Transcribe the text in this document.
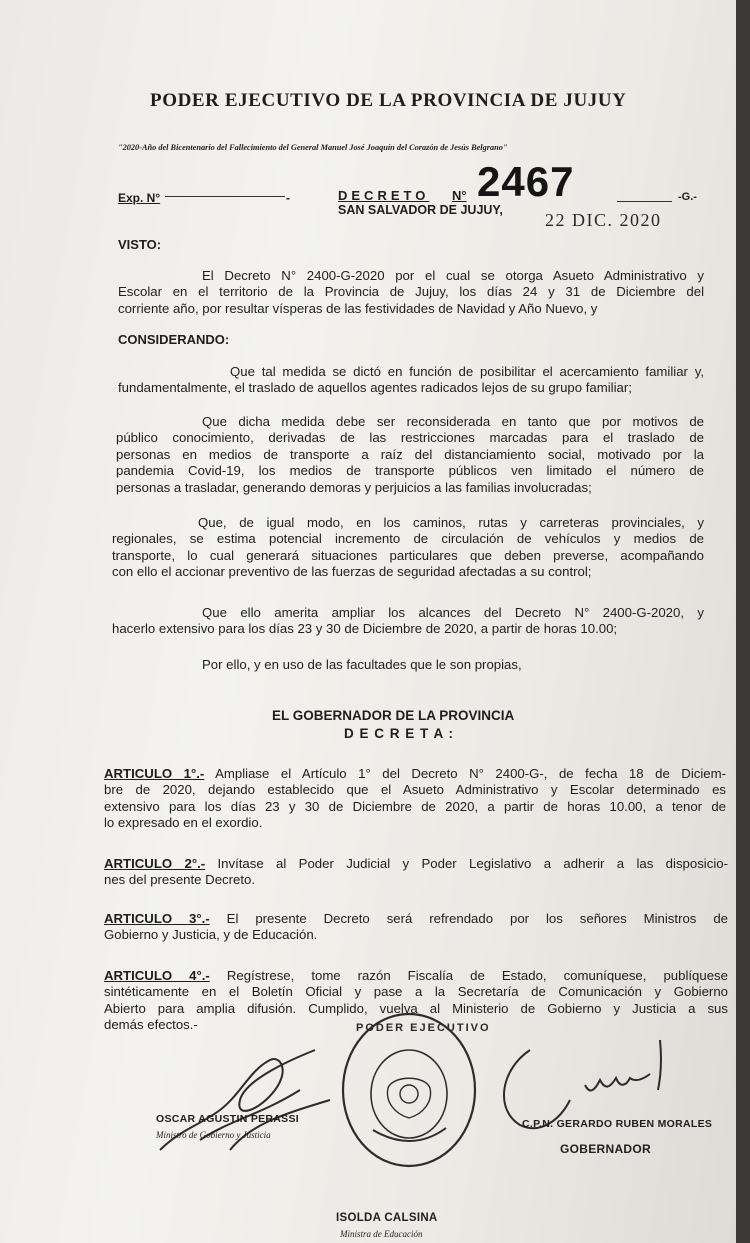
PODER EJECUTIVO DE LA PROVINCIA DE JUJUY
"2020-Año del Bicentenario del Fallecimiento del General Manuel José Joaquín del Corazón de Jesús Belgrano"
Exp. N°	-	DECRETO N° 2467	-G.-
SAN SALVADOR DE JUJUY, 22 DIC. 2020
VISTO:
El Decreto N° 2400-G-2020 por el cual se otorga Asueto Administrativo y
Escolar en el territorio de la Provincia de Jujuy, los días 24 y 31 de Diciembre del
corriente año, por resultar vísperas de las festividades de Navidad y Año Nuevo, y
CONSIDERANDO:
Que tal medida se dictó en función de posibilitar el acercamiento familiar y,
fundamentalmente, el traslado de aquellos agentes radicados lejos de su grupo familiar;
Que dicha medida debe ser reconsiderada en tanto que por motivos de
público conocimiento, derivadas de las restricciones marcadas para el traslado de
personas en medios de transporte a raíz del distanciamiento social, motivado por la
pandemia Covid-19, los medios de transporte públicos ven limitado el número de
personas a trasladar, generando demoras y perjuicios a las familias involucradas;
Que, de igual modo, en los caminos, rutas y carreteras provinciales, y
regionales, se estima potencial incremento de circulación de vehículos y medios de
transporte, lo cual generará situaciones particulares que deben preverse, acompañando
con ello el accionar preventivo de las fuerzas de seguridad afectadas a su control;
Que ello amerita ampliar los alcances del Decreto N° 2400-G-2020, y
hacerlo extensivo para los días 23 y 30 de Diciembre de 2020, a partir de horas 10.00;
Por ello, y en uso de las facultades que le son propias,
EL GOBERNADOR DE LA PROVINCIA
D E C R E T A :
ARTICULO 1°.- Ampliase el Artículo 1° del Decreto N° 2400-G-, de fecha 18 de Diciem-
bre de 2020, dejando establecido que el Asueto Administrativo y Escolar determinado es
extensivo para los días 23 y 30 de Diciembre de 2020, a partir de horas 10.00, a tenor de
lo expresado en el exordio.
ARTICULO 2°.- Invítase al Poder Judicial y Poder Legislativo a adherir a las disposicio-
nes del presente Decreto.
ARTICULO 3°.- El presente Decreto será refrendado por los señores Ministros de
Gobierno y Justicia, y de Educación.
ARTICULO 4°.- Regístrese, tome razón Fiscalía de Estado, comuníquese, publíquese
sintéticamente en el Boletín Oficial y pase a la Secretaría de Comunicación y Gobierno
Abierto para amplia difusión. Cumplido, vuelva al Ministerio de Gobierno y Justicia a sus
demás efectos.-	PODER EJECUTIVO
OSCAR AGUSTIN PERASSI
Ministro de Gobierno y Justicia
C.P.N. GERARDO RUBEN MORALES
GOBERNADOR
ISOLDA CALSINA
Ministra de Educación
